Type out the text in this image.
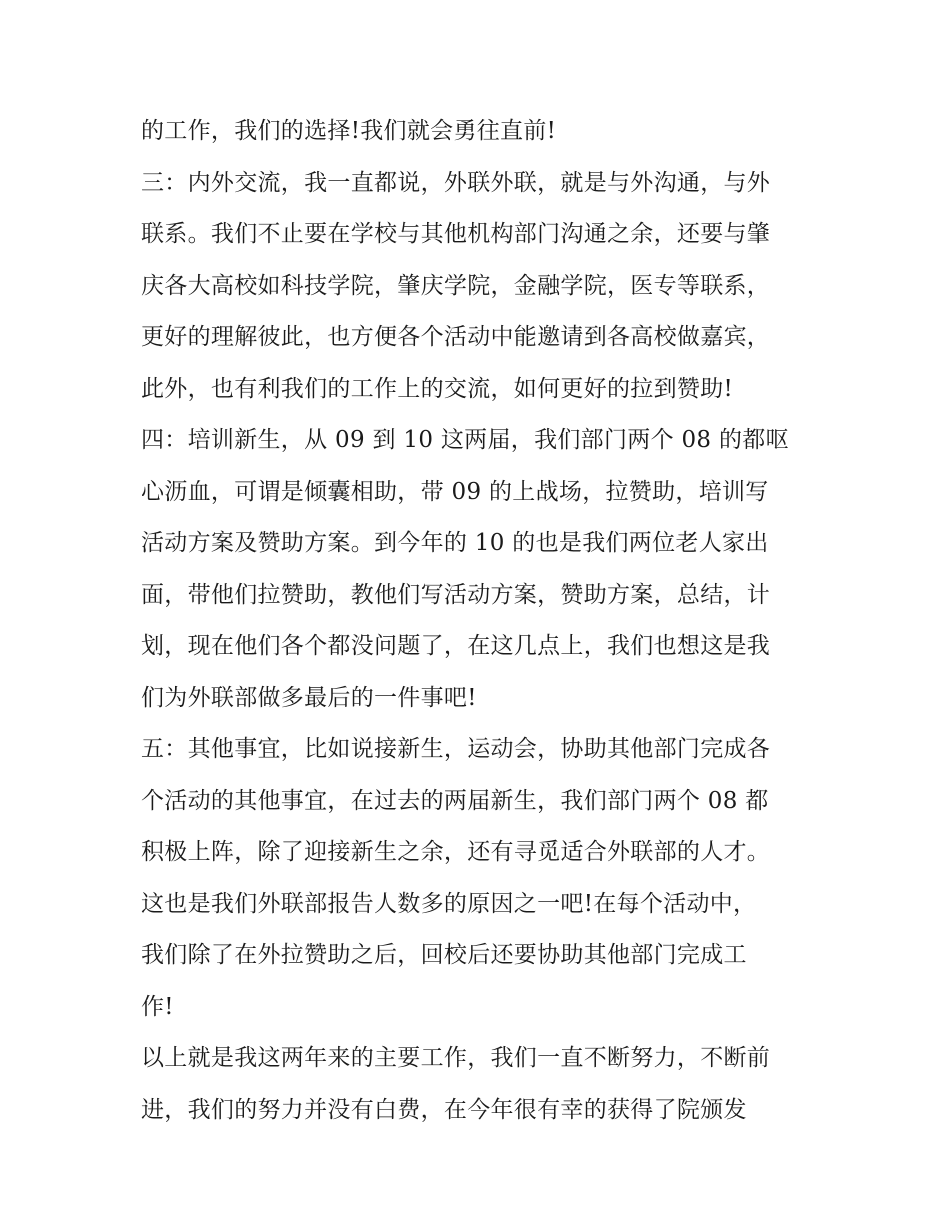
的工作，我们的选择!我们就会勇往直前!
三：内外交流，我一直都说，外联外联，就是与外沟通，与外
联系。我们不止要在学校与其他机构部门沟通之余，还要与肇
庆各大高校如科技学院，肇庆学院，金融学院，医专等联系，
更好的理解彼此，也方便各个活动中能邀请到各高校做嘉宾，
此外，也有利我们的工作上的交流，如何更好的拉到赞助!
四：培训新生，从 09 到 10 这两届，我们部门两个 08 的都呕
心沥血，可谓是倾囊相助，带 09 的上战场，拉赞助，培训写
活动方案及赞助方案。到今年的 10 的也是我们两位老人家出
面，带他们拉赞助，教他们写活动方案，赞助方案，总结，计
划，现在他们各个都没问题了，在这几点上，我们也想这是我
们为外联部做多最后的一件事吧!
五：其他事宜，比如说接新生，运动会，协助其他部门完成各
个活动的其他事宜，在过去的两届新生，我们部门两个 08 都
积极上阵，除了迎接新生之余，还有寻觅适合外联部的人才。
这也是我们外联部报告人数多的原因之一吧!在每个活动中，
我们除了在外拉赞助之后，回校后还要协助其他部门完成工
作!
以上就是我这两年来的主要工作，我们一直不断努力，不断前
进，我们的努力并没有白费，在今年很有幸的获得了院颁发
